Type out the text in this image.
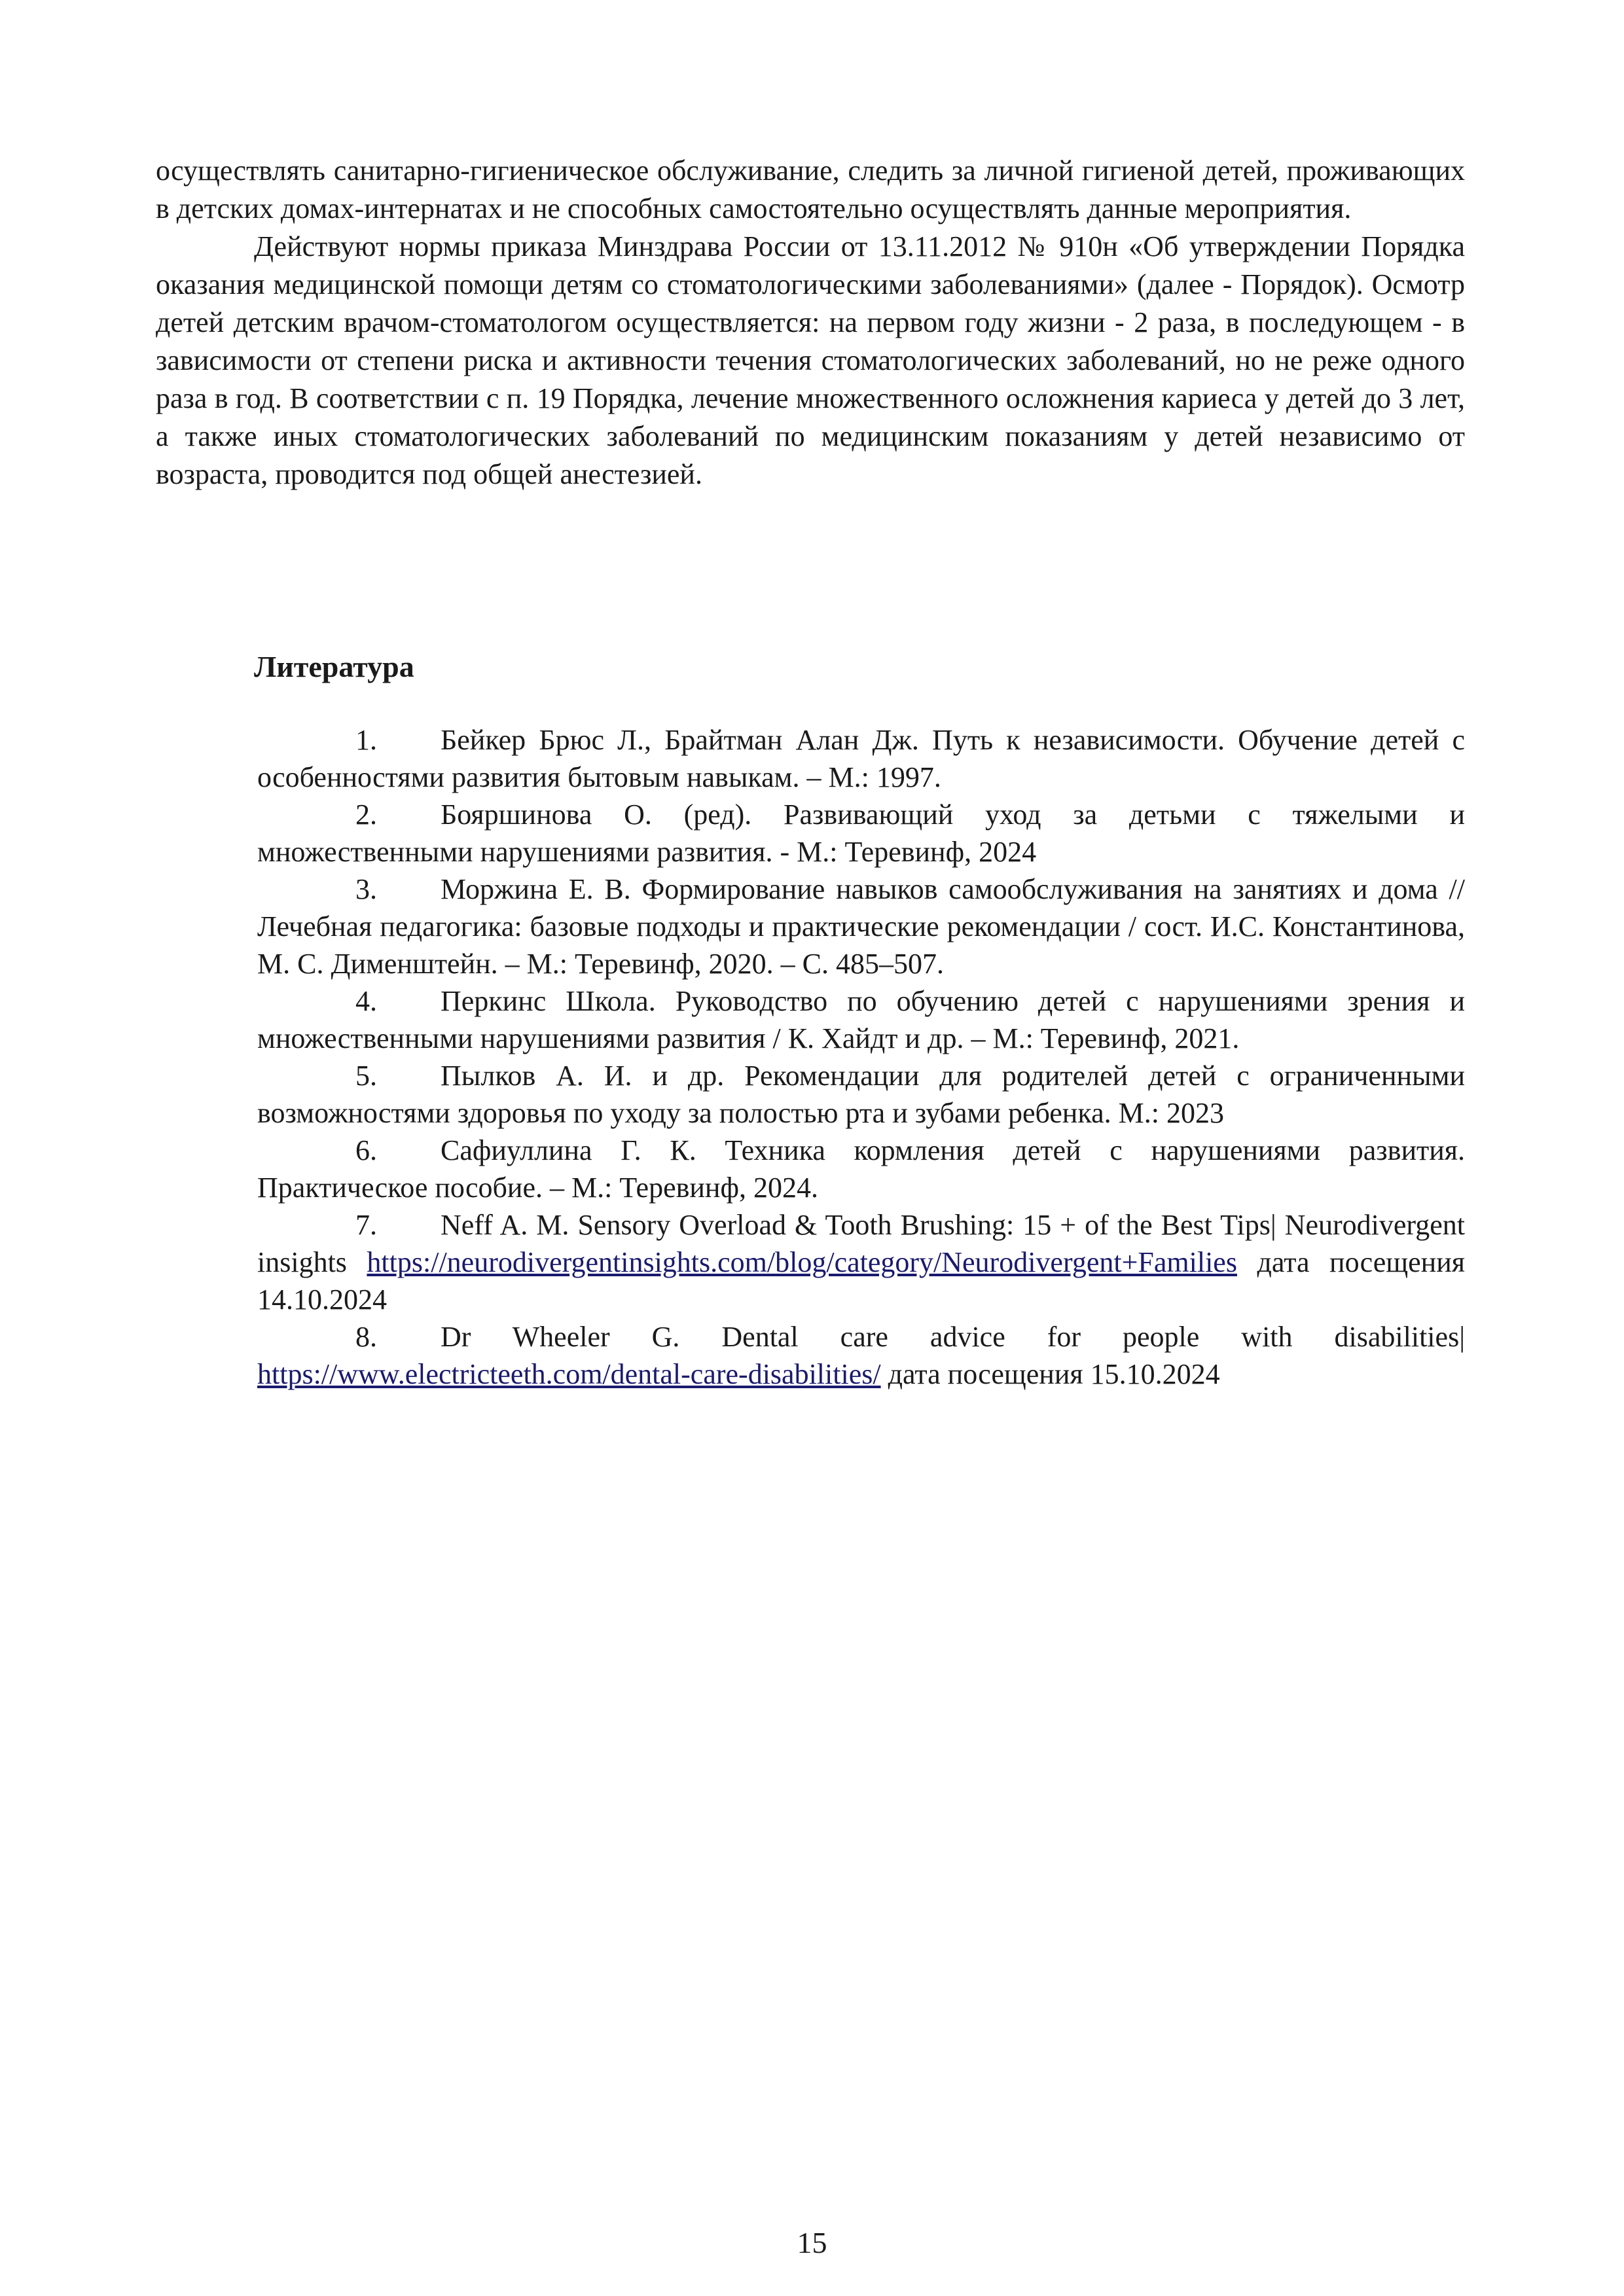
осуществлять санитарно-гигиеническое обслуживание, следить за личной гигиеной детей, проживающих в детских домах-интернатах и не способных самостоятельно осуществлять данные мероприятия.

Действуют нормы приказа Минздрава России от 13.11.2012 № 910н «Об утверждении Порядка оказания медицинской помощи детям со стоматологическими заболеваниями» (далее - Порядок). Осмотр детей детским врачом-стоматологом осуществляется: на первом году жизни - 2 раза, в последующем - в зависимости от степени риска и активности течения стоматологических заболеваний, но не реже одного раза в год. В соответствии с п. 19 Порядка, лечение множественного осложнения кариеса у детей до 3 лет, а также иных стоматологических заболеваний по медицинским показаниям у детей независимо от возраста, проводится под общей анестезией.

Литература
1. Бейкер Брюс Л., Брайтман Алан Дж. Путь к независимости. Обучение детей с особенностями развития бытовым навыкам. – М.: 1997.
2. Бояршинова О. (ред). Развивающий уход за детьми с тяжелыми и множественными нарушениями развития. - М.: Теревинф, 2024
3. Моржина Е. В. Формирование навыков самообслуживания на занятиях и дома // Лечебная педагогика: базовые подходы и практические рекомендации / сост. И.С. Константинова, М. С. Дименштейн. – М.: Теревинф, 2020. – С. 485–507.
4. Перкинс Школа. Руководство по обучению детей с нарушениями зрения и множественными нарушениями развития / К. Хайдт и др. – М.: Теревинф, 2021.
5. Пылков А. И. и др. Рекомендации для родителей детей с ограниченными возможностями здоровья по уходу за полостью рта и зубами ребенка. М.: 2023
6. Сафиуллина Г. К. Техника кормления детей с нарушениями развития. Практическое пособие. – М.: Теревинф, 2024.
7. Neff A. M. Sensory Overload & Tooth Brushing: 15 + of the Best Tips| Neurodivergent insights https://neurodivergentinsights.com/blog/category/Neurodivergent+Families дата посещения 14.10.2024
8. Dr Wheeler G. Dental care advice for people with disabilities| https://www.electricteeth.com/dental-care-disabilities/ дата посещения 15.10.2024
15
